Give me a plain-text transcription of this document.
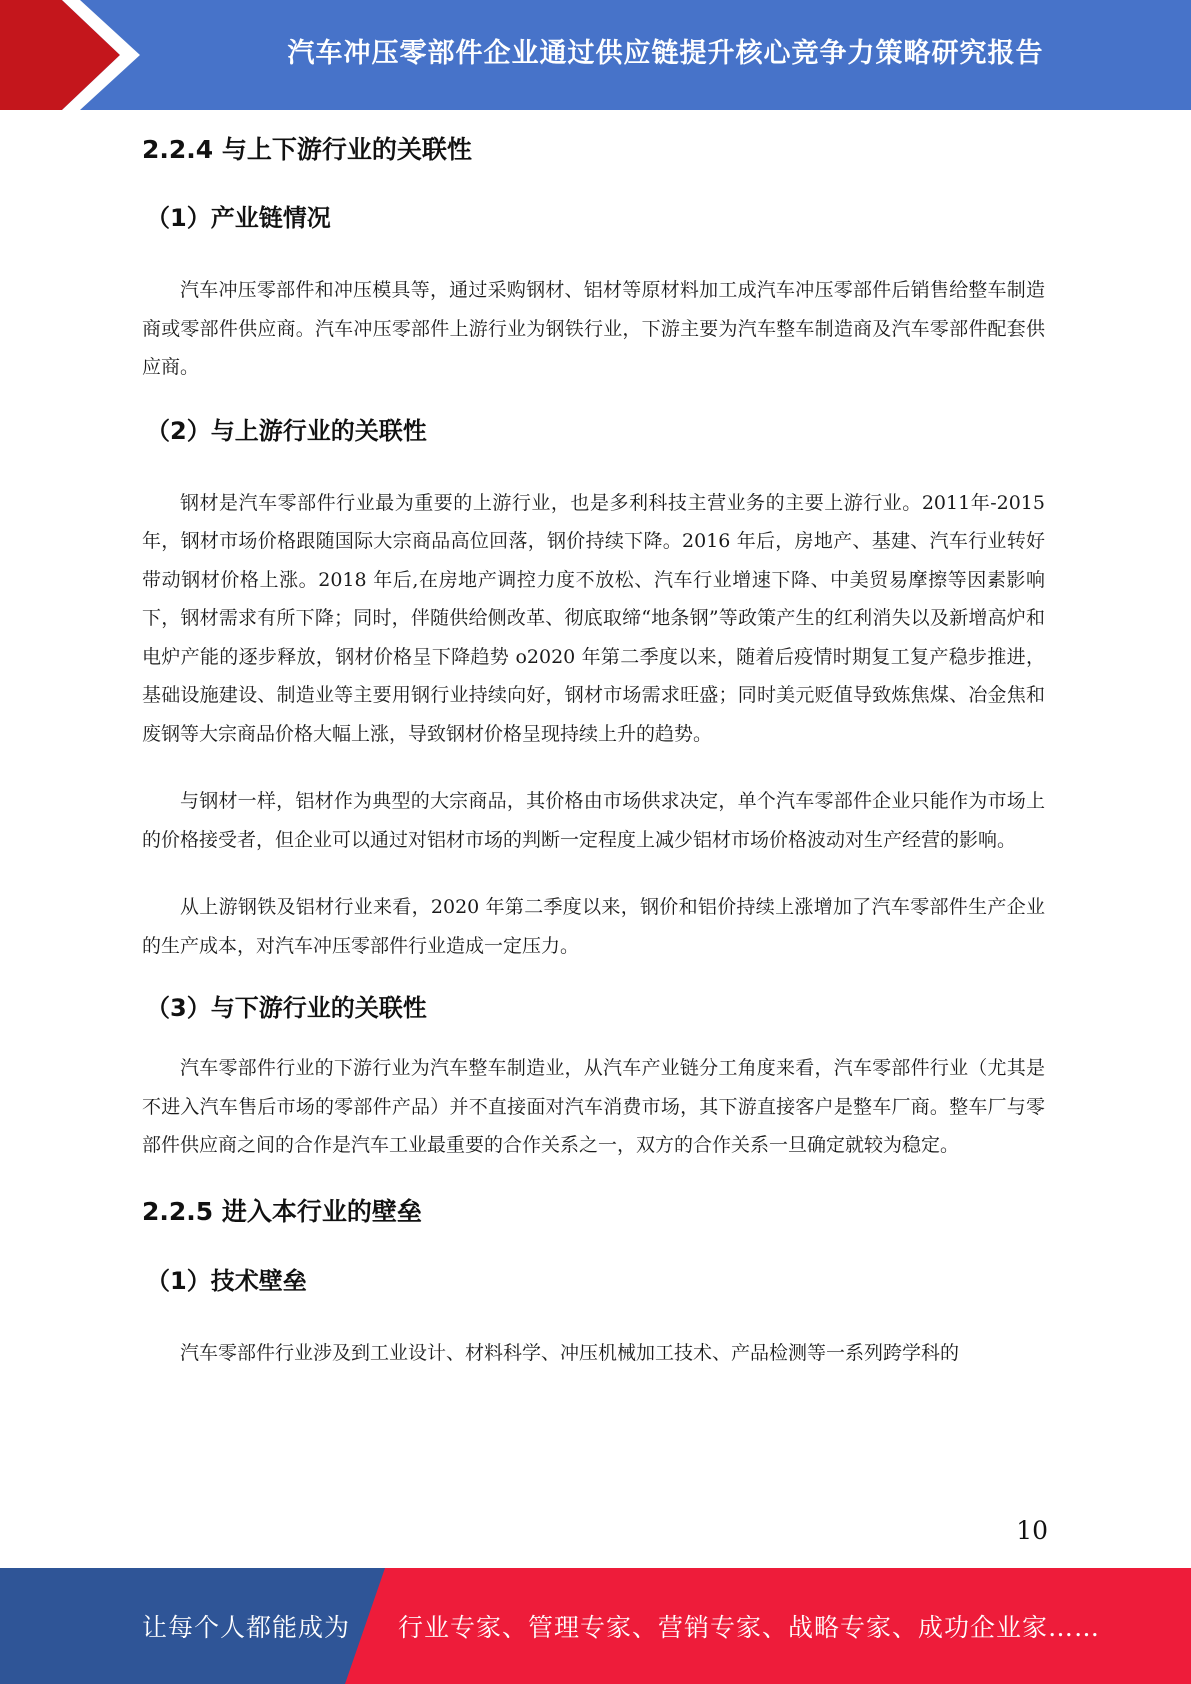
汽车冲压零部件企业通过供应链提升核心竞争力策略研究报告
2.2.4 与上下游行业的关联性
（1）产业链情况

汽车冲压零部件和冲压模具等，通过采购钢材、铝材等原材料加工成汽车冲压零部件后销售给整车制造商或零部件供应商。汽车冲压零部件上游行业为钢铁行业，下游主要为汽车整车制造商及汽车零部件配套供应商。

（2）与上游行业的关联性

钢材是汽车零部件行业最为重要的上游行业，也是多利科技主营业务的主要上游行业。2011年-2015 年，钢材市场价格跟随国际大宗商品高位回落，钢价持续下降。2016 年后，房地产、基建、汽车行业转好带动钢材价格上涨。2018 年后,在房地产调控力度不放松、汽车行业增速下降、中美贸易摩擦等因素影响下，钢材需求有所下降；同时，伴随供给侧改革、彻底取缔“地条钢”等政策产生的红利消失以及新增高炉和电炉产能的逐步释放，钢材价格呈下降趋势 o2020 年第二季度以来，随着后疫情时期复工复产稳步推进，基础设施建设、制造业等主要用钢行业持续向好，钢材市场需求旺盛；同时美元贬值导致炼焦煤、冶金焦和废钢等大宗商品价格大幅上涨，导致钢材价格呈现持续上升的趋势。

与钢材一样，铝材作为典型的大宗商品，其价格由市场供求决定，单个汽车零部件企业只能作为市场上的价格接受者，但企业可以通过对铝材市场的判断一定程度上减少铝材市场价格波动对生产经营的影响。

从上游钢铁及铝材行业来看，2020 年第二季度以来，钢价和铝价持续上涨增加了汽车零部件生产企业的生产成本，对汽车冲压零部件行业造成一定压力。

（3）与下游行业的关联性

汽车零部件行业的下游行业为汽车整车制造业，从汽车产业链分工角度来看，汽车零部件行业（尤其是不进入汽车售后市场的零部件产品）并不直接面对汽车消费市场，其下游直接客户是整车厂商。整车厂与零部件供应商之间的合作是汽车工业最重要的合作关系之一，双方的合作关系一旦确定就较为稳定。

2.2.5 进入本行业的壁垒
（1）技术壁垒

汽车零部件行业涉及到工业设计、材料科学、冲压机械加工技术、产品检测等一系列跨学科的

10
让每个人都能成为 行业专家、管理专家、营销专家、战略专家、成功企业家……
